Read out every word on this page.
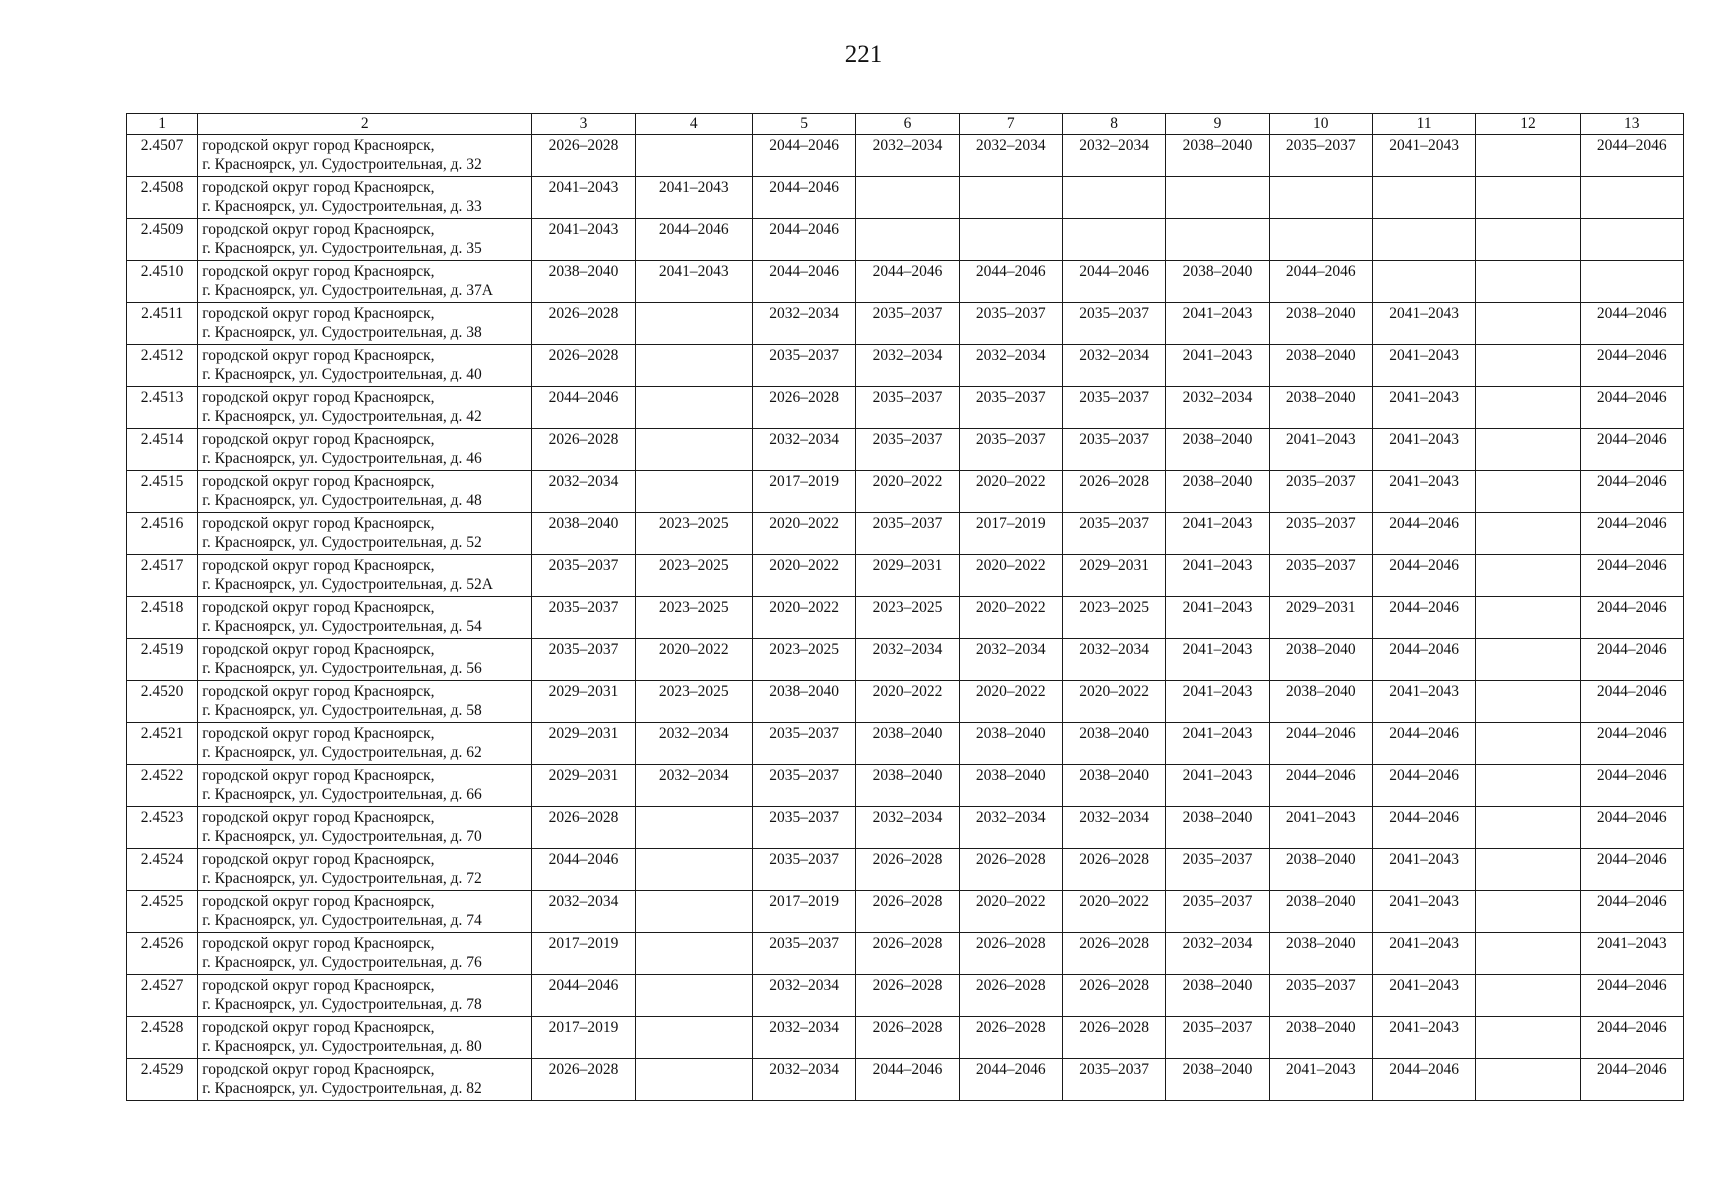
221
1	2	3	4	5	6	7	8	9	10	11	12	13
2.4507	городской округ город Красноярск,
г. Красноярск, ул. Судостроительная, д. 32	2026–2028		2044–2046	2032–2034	2032–2034	2032–2034	2038–2040	2035–2037	2041–2043		2044–2046
2.4508	городской округ город Красноярск,
г. Красноярск, ул. Судостроительная, д. 33	2041–2043	2041–2043	2044–2046								
2.4509	городской округ город Красноярск,
г. Красноярск, ул. Судостроительная, д. 35	2041–2043	2044–2046	2044–2046								
2.4510	городской округ город Красноярск,
г. Красноярск, ул. Судостроительная, д. 37А	2038–2040	2041–2043	2044–2046	2044–2046	2044–2046	2044–2046	2038–2040	2044–2046			
2.4511	городской округ город Красноярск,
г. Красноярск, ул. Судостроительная, д. 38	2026–2028		2032–2034	2035–2037	2035–2037	2035–2037	2041–2043	2038–2040	2041–2043		2044–2046
2.4512	городской округ город Красноярск,
г. Красноярск, ул. Судостроительная, д. 40	2026–2028		2035–2037	2032–2034	2032–2034	2032–2034	2041–2043	2038–2040	2041–2043		2044–2046
2.4513	городской округ город Красноярск,
г. Красноярск, ул. Судостроительная, д. 42	2044–2046		2026–2028	2035–2037	2035–2037	2035–2037	2032–2034	2038–2040	2041–2043		2044–2046
2.4514	городской округ город Красноярск,
г. Красноярск, ул. Судостроительная, д. 46	2026–2028		2032–2034	2035–2037	2035–2037	2035–2037	2038–2040	2041–2043	2041–2043		2044–2046
2.4515	городской округ город Красноярск,
г. Красноярск, ул. Судостроительная, д. 48	2032–2034		2017–2019	2020–2022	2020–2022	2026–2028	2038–2040	2035–2037	2041–2043		2044–2046
2.4516	городской округ город Красноярск,
г. Красноярск, ул. Судостроительная, д. 52	2038–2040	2023–2025	2020–2022	2035–2037	2017–2019	2035–2037	2041–2043	2035–2037	2044–2046		2044–2046
2.4517	городской округ город Красноярск,
г. Красноярск, ул. Судостроительная, д. 52А	2035–2037	2023–2025	2020–2022	2029–2031	2020–2022	2029–2031	2041–2043	2035–2037	2044–2046		2044–2046
2.4518	городской округ город Красноярск,
г. Красноярск, ул. Судостроительная, д. 54	2035–2037	2023–2025	2020–2022	2023–2025	2020–2022	2023–2025	2041–2043	2029–2031	2044–2046		2044–2046
2.4519	городской округ город Красноярск,
г. Красноярск, ул. Судостроительная, д. 56	2035–2037	2020–2022	2023–2025	2032–2034	2032–2034	2032–2034	2041–2043	2038–2040	2044–2046		2044–2046
2.4520	городской округ город Красноярск,
г. Красноярск, ул. Судостроительная, д. 58	2029–2031	2023–2025	2038–2040	2020–2022	2020–2022	2020–2022	2041–2043	2038–2040	2041–2043		2044–2046
2.4521	городской округ город Красноярск,
г. Красноярск, ул. Судостроительная, д. 62	2029–2031	2032–2034	2035–2037	2038–2040	2038–2040	2038–2040	2041–2043	2044–2046	2044–2046		2044–2046
2.4522	городской округ город Красноярск,
г. Красноярск, ул. Судостроительная, д. 66	2029–2031	2032–2034	2035–2037	2038–2040	2038–2040	2038–2040	2041–2043	2044–2046	2044–2046		2044–2046
2.4523	городской округ город Красноярск,
г. Красноярск, ул. Судостроительная, д. 70	2026–2028		2035–2037	2032–2034	2032–2034	2032–2034	2038–2040	2041–2043	2044–2046		2044–2046
2.4524	городской округ город Красноярск,
г. Красноярск, ул. Судостроительная, д. 72	2044–2046		2035–2037	2026–2028	2026–2028	2026–2028	2035–2037	2038–2040	2041–2043		2044–2046
2.4525	городской округ город Красноярск,
г. Красноярск, ул. Судостроительная, д. 74	2032–2034		2017–2019	2026–2028	2020–2022	2020–2022	2035–2037	2038–2040	2041–2043		2044–2046
2.4526	городской округ город Красноярск,
г. Красноярск, ул. Судостроительная, д. 76	2017–2019		2035–2037	2026–2028	2026–2028	2026–2028	2032–2034	2038–2040	2041–2043		2041–2043
2.4527	городской округ город Красноярск,
г. Красноярск, ул. Судостроительная, д. 78	2044–2046		2032–2034	2026–2028	2026–2028	2026–2028	2038–2040	2035–2037	2041–2043		2044–2046
2.4528	городской округ город Красноярск,
г. Красноярск, ул. Судостроительная, д. 80	2017–2019		2032–2034	2026–2028	2026–2028	2026–2028	2035–2037	2038–2040	2041–2043		2044–2046
2.4529	городской округ город Красноярск,
г. Красноярск, ул. Судостроительная, д. 82	2026–2028		2032–2034	2044–2046	2044–2046	2035–2037	2038–2040	2041–2043	2044–2046		2044–2046
